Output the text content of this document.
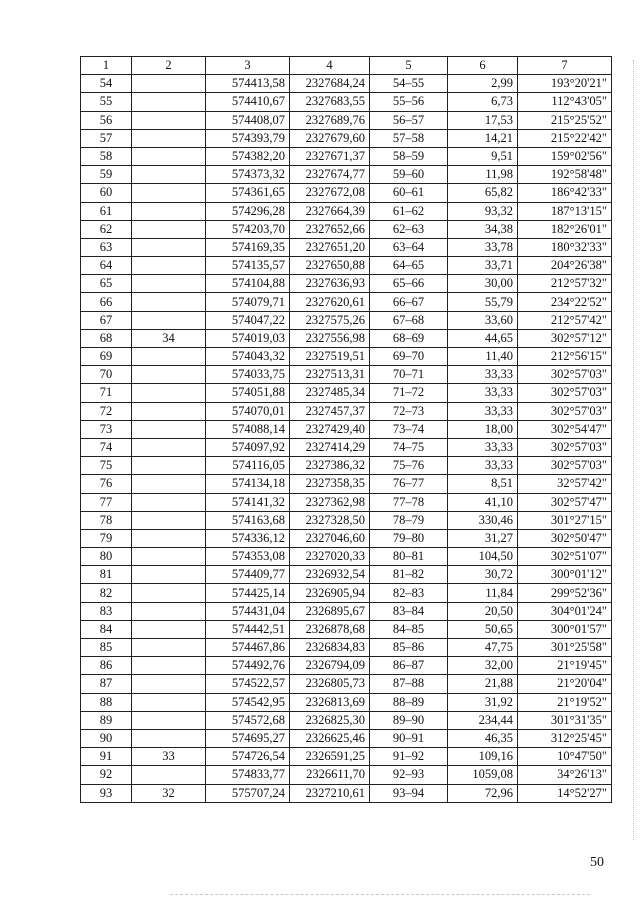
1	2	3	4	5	6	7
54		574413,58	2327684,24	54–55	2,99	193°20'21"
55		574410,67	2327683,55	55–56	6,73	112°43'05"
56		574408,07	2327689,76	56–57	17,53	215°25'52"
57		574393,79	2327679,60	57–58	14,21	215°22'42"
58		574382,20	2327671,37	58–59	9,51	159°02'56"
59		574373,32	2327674,77	59–60	11,98	192°58'48"
60		574361,65	2327672,08	60–61	65,82	186°42'33"
61		574296,28	2327664,39	61–62	93,32	187°13'15"
62		574203,70	2327652,66	62–63	34,38	182°26'01"
63		574169,35	2327651,20	63–64	33,78	180°32'33"
64		574135,57	2327650,88	64–65	33,71	204°26'38"
65		574104,88	2327636,93	65–66	30,00	212°57'32"
66		574079,71	2327620,61	66–67	55,79	234°22'52"
67		574047,22	2327575,26	67–68	33,60	212°57'42"
68	34	574019,03	2327556,98	68–69	44,65	302°57'12"
69		574043,32	2327519,51	69–70	11,40	212°56'15"
70		574033,75	2327513,31	70–71	33,33	302°57'03"
71		574051,88	2327485,34	71–72	33,33	302°57'03"
72		574070,01	2327457,37	72–73	33,33	302°57'03"
73		574088,14	2327429,40	73–74	18,00	302°54'47"
74		574097,92	2327414,29	74–75	33,33	302°57'03"
75		574116,05	2327386,32	75–76	33,33	302°57'03"
76		574134,18	2327358,35	76–77	8,51	32°57'42"
77		574141,32	2327362,98	77–78	41,10	302°57'47"
78		574163,68	2327328,50	78–79	330,46	301°27'15"
79		574336,12	2327046,60	79–80	31,27	302°50'47"
80		574353,08	2327020,33	80–81	104,50	302°51'07"
81		574409,77	2326932,54	81–82	30,72	300°01'12"
82		574425,14	2326905,94	82–83	11,84	299°52'36"
83		574431,04	2326895,67	83–84	20,50	304°01'24"
84		574442,51	2326878,68	84–85	50,65	300°01'57"
85		574467,86	2326834,83	85–86	47,75	301°25'58"
86		574492,76	2326794,09	86–87	32,00	21°19'45"
87		574522,57	2326805,73	87–88	21,88	21°20'04"
88		574542,95	2326813,69	88–89	31,92	21°19'52"
89		574572,68	2326825,30	89–90	234,44	301°31'35"
90		574695,27	2326625,46	90–91	46,35	312°25'45"
91	33	574726,54	2326591,25	91–92	109,16	10°47'50"
92		574833,77	2326611,70	92–93	1059,08	34°26'13"
93	32	575707,24	2327210,61	93–94	72,96	14°52'27"
50
